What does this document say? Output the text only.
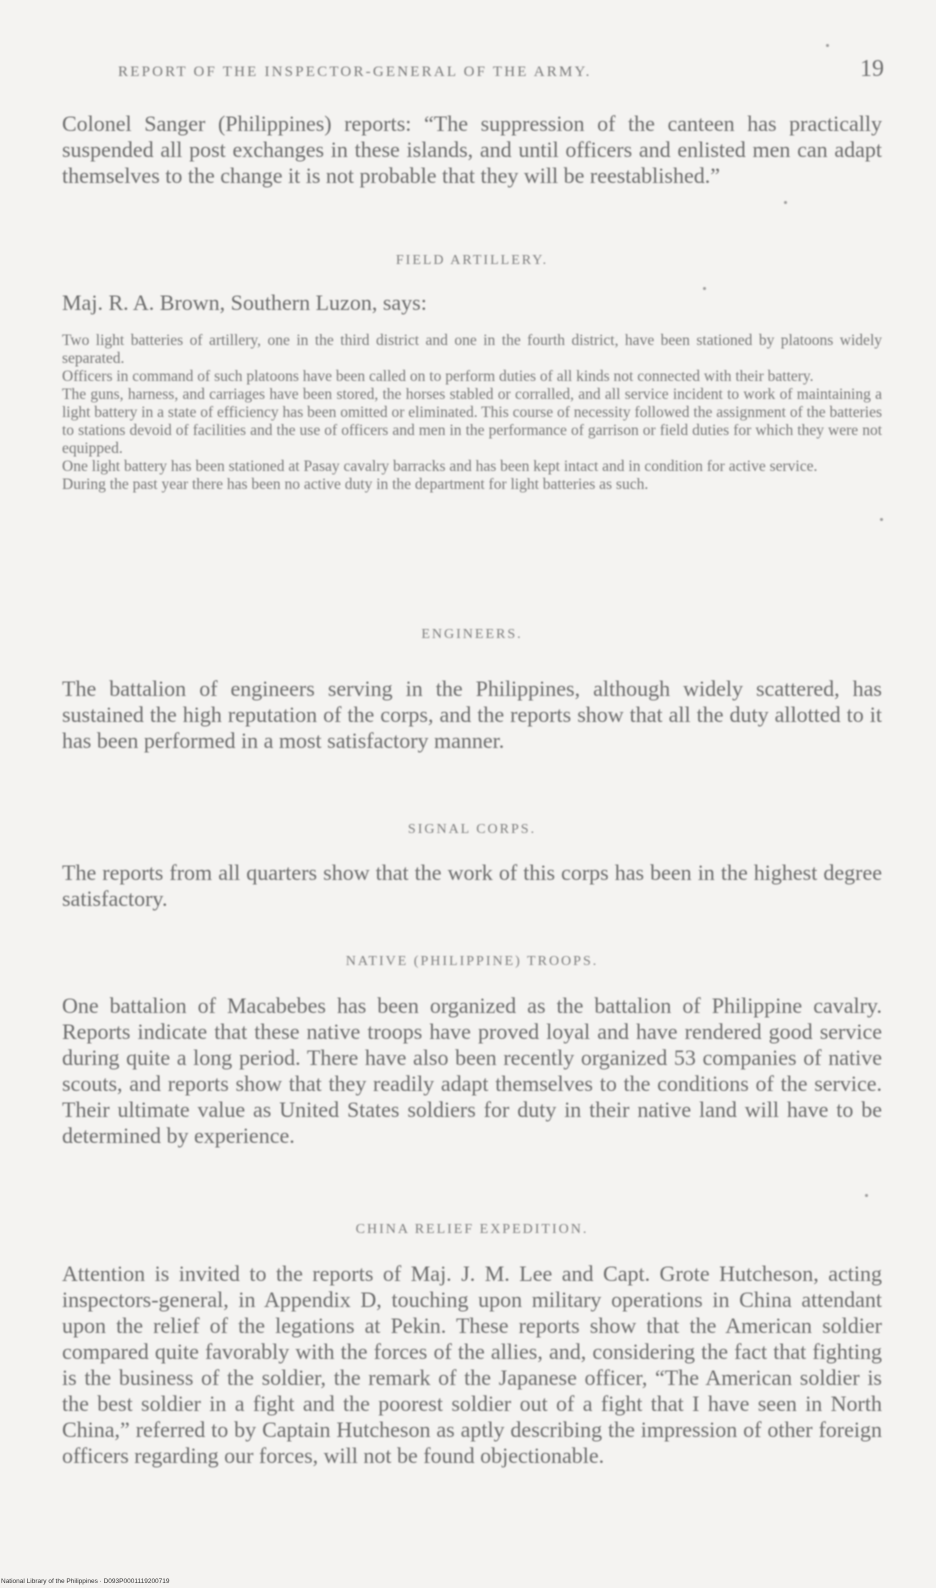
REPORT OF THE INSPECTOR-GENERAL OF THE ARMY.	19

Colonel Sanger (Philippines) reports: “The suppression of the canteen has practically suspended all post exchanges in these islands, and until officers and enlisted men can adapt themselves to the change it is not probable that they will be reestablished.”

FIELD ARTILLERY.
Maj. R. A. Brown, Southern Luzon, says:

Two light batteries of artillery, one in the third district and one in the fourth district, have been stationed by platoons widely separated.

Officers in command of such platoons have been called on to perform duties of all kinds not connected with their battery.

The guns, harness, and carriages have been stored, the horses stabled or corralled, and all service incident to work of maintaining a light battery in a state of efficiency has been omitted or eliminated. This course of necessity followed the assignment of the batteries to stations devoid of facilities and the use of officers and men in the performance of garrison or field duties for which they were not equipped.

One light battery has been stationed at Pasay cavalry barracks and has been kept intact and in condition for active service.

During the past year there has been no active duty in the department for light batteries as such.

ENGINEERS.

The battalion of engineers serving in the Philippines, although widely scattered, has sustained the high reputation of the corps, and the reports show that all the duty allotted to it has been performed in a most satisfactory manner.

SIGNAL CORPS.

The reports from all quarters show that the work of this corps has been in the highest degree satisfactory.

NATIVE (PHILIPPINE) TROOPS.

One battalion of Macabebes has been organized as the battalion of Philippine cavalry. Reports indicate that these native troops have proved loyal and have rendered good service during quite a long period. There have also been recently organized 53 companies of native scouts, and reports show that they readily adapt themselves to the conditions of the service. Their ultimate value as United States soldiers for duty in their native land will have to be determined by experience.

CHINA RELIEF EXPEDITION.

Attention is invited to the reports of Maj. J. M. Lee and Capt. Grote Hutcheson, acting inspectors-general, in Appendix D, touching upon military operations in China attendant upon the relief of the legations at Pekin. These reports show that the American soldier compared quite favorably with the forces of the allies, and, considering the fact that fighting is the business of the soldier, the remark of the Japanese officer, “The American soldier is the best soldier in a fight and the poorest soldier out of a fight that I have seen in North China,” referred to by Captain Hutcheson as aptly describing the impression of other foreign officers regarding our forces, will not be found objectionable.

National Library of the Philippines · D093P0001119200719
